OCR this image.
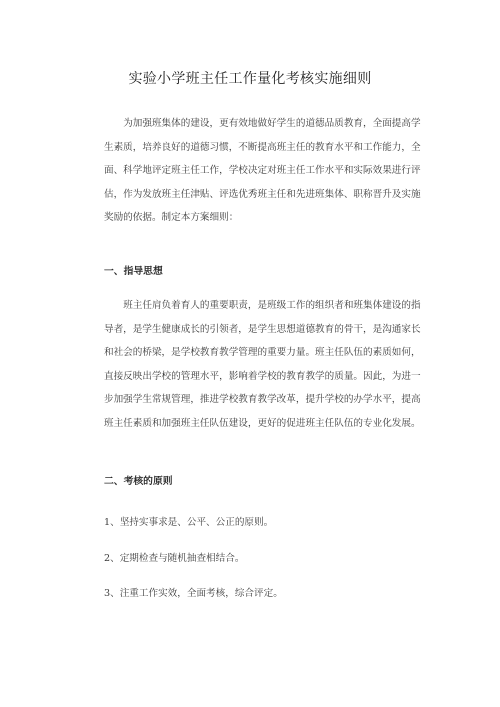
实验小学班主任工作量化考核实施细则

为加强班集体的建设，更有效地做好学生的道德品质教育，全面提高学生素质，培养良好的道德习惯，不断提高班主任的教育水平和工作能力，全面、科学地评定班主任工作，学校决定对班主任工作水平和实际效果进行评估，作为发放班主任津贴、评选优秀班主任和先进班集体、职称晋升及实施奖励的依据。制定本方案细则：

一、指导思想

班主任肩负着育人的重要职责，是班级工作的组织者和班集体建设的指导者，是学生健康成长的引领者，是学生思想道德教育的骨干，是沟通家长和社会的桥梁，是学校教育教学管理的重要力量。班主任队伍的素质如何，直接反映出学校的管理水平，影响着学校的教育教学的质量。因此，为进一步加强学生常规管理，推进学校教育教学改革，提升学校的办学水平，提高班主任素质和加强班主任队伍建设，更好的促进班主任队伍的专业化发展。

二、考核的原则
1、坚持实事求是、公平、公正的原则。
2、定期检查与随机抽查相结合。
3、注重工作实效，全面考核，综合评定。
